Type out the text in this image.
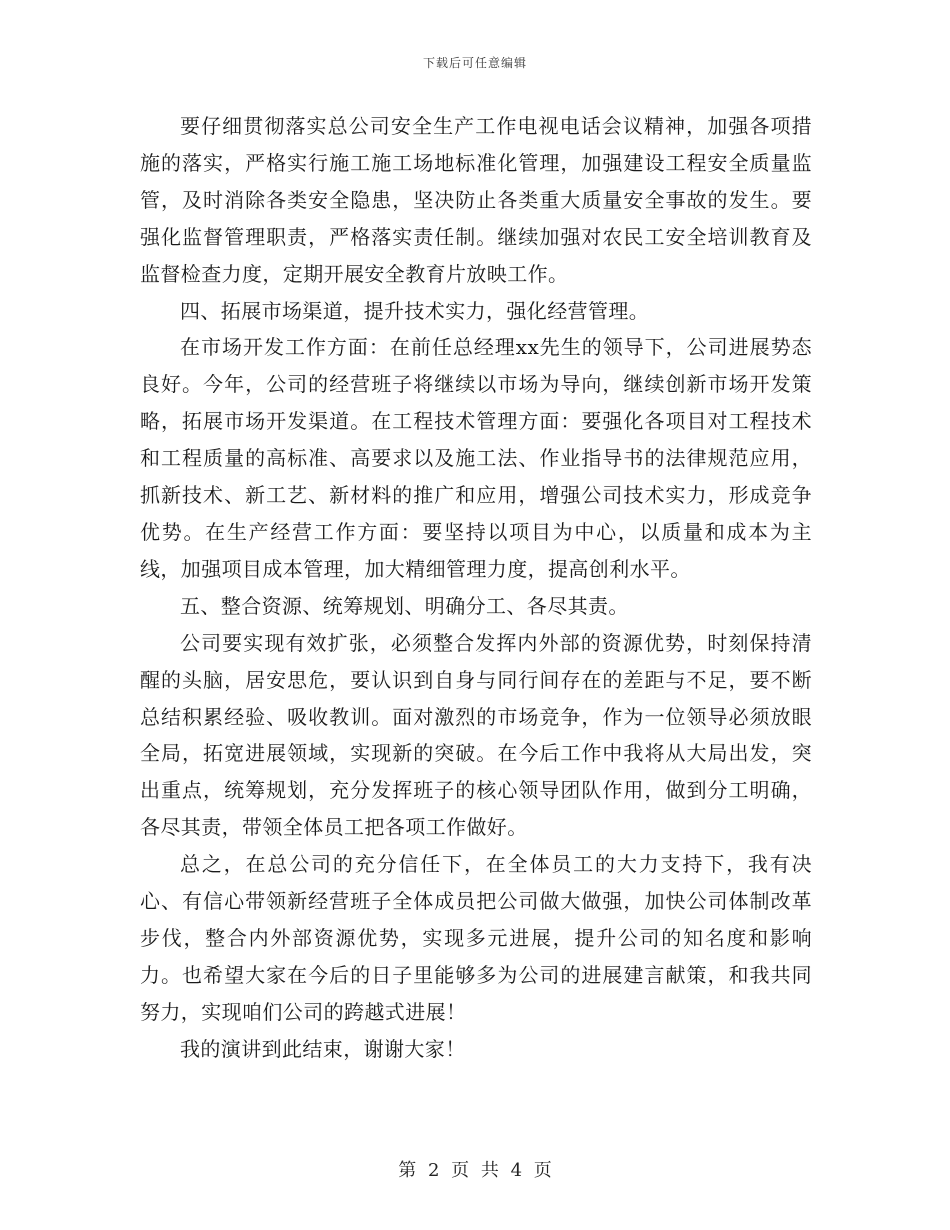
下载后可任意编辑

要仔细贯彻落实总公司安全生产工作电视电话会议精神，加强各项措施的落实，严格实行施工施工场地标准化管理，加强建设工程安全质量监管，及时消除各类安全隐患，坚决防止各类重大质量安全事故的发生。要强化监督管理职责，严格落实责任制。继续加强对农民工安全培训教育及监督检查力度，定期开展安全教育片放映工作。

四、拓展市场渠道，提升技术实力，强化经营管理。

在市场开发工作方面：在前任总经理xx先生的领导下，公司进展势态良好。今年，公司的经营班子将继续以市场为导向，继续创新市场开发策略，拓展市场开发渠道。在工程技术管理方面：要强化各项目对工程技术和工程质量的高标准、高要求以及施工法、作业指导书的法律规范应用，抓新技术、新工艺、新材料的推广和应用，增强公司技术实力，形成竞争优势。在生产经营工作方面：要坚持以项目为中心，以质量和成本为主线，加强项目成本管理，加大精细管理力度，提高创利水平。

五、整合资源、统筹规划、明确分工、各尽其责。

公司要实现有效扩张，必须整合发挥内外部的资源优势，时刻保持清醒的头脑，居安思危，要认识到自身与同行间存在的差距与不足，要不断总结积累经验、吸收教训。面对激烈的市场竞争，作为一位领导必须放眼全局，拓宽进展领域，实现新的突破。在今后工作中我将从大局出发，突出重点，统筹规划，充分发挥班子的核心领导团队作用，做到分工明确，各尽其责，带领全体员工把各项工作做好。

总之，在总公司的充分信任下，在全体员工的大力支持下，我有决心、有信心带领新经营班子全体成员把公司做大做强，加快公司体制改革步伐，整合内外部资源优势，实现多元进展，提升公司的知名度和影响力。也希望大家在今后的日子里能够多为公司的进展建言献策，和我共同努力，实现咱们公司的跨越式进展！

我的演讲到此结束，谢谢大家！

第 2 页 共 4 页
